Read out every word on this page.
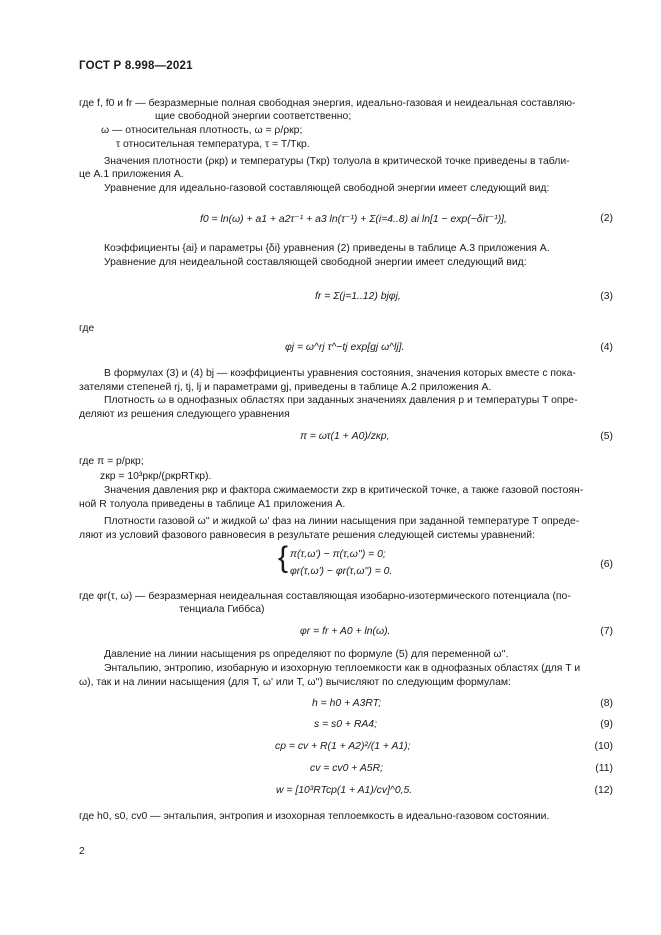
ГОСТ Р 8.998—2021
где f, f0 и fr — безразмерные полная свободная энергия, идеально-газовая и неидеальная составляю-
щие свободной энергии соответственно;
ω — относительная плотность, ω = ρ/ρкр;
τ относительная температура, τ = T/Tкр.
Значения плотности (ρкр) и температуры (Tкр) толуола в критической точке приведены в табли-
це А.1 приложения А.
Уравнение для идеально-газовой составляющей свободной энергии имеет следующий вид:
f0 = ln(ω) + a1 + a2τ⁻¹ + a3 ln(τ⁻¹) + Σ(i=4..8) ai ln[1 − exp(−δiτ⁻¹)],	(2)
Коэффициенты {ai} и параметры {δi} уравнения (2) приведены в таблице А.3 приложения А.
Уравнение для неидеальной составляющей свободной энергии имеет следующий вид:
fr = Σ(j=1..12) bjφj,	(3)
где
φj = ω^rj τ^−tj exp[gj ω^lj].	(4)
В формулах (3) и (4) bj — коэффициенты уравнения состояния, значения которых вместе с пока-
зателями степеней rj, tj, lj и параметрами gj, приведены в таблице А.2 приложения А.
Плотность ω в однофазных областях при заданных значениях давления p и температуры T опре-
деляют из решения следующего уравнения
π = ωτ(1 + A0)/zкр,	(5)
где π = p/pкр;
zкр = 10³pкр/(ρкрRTкр).
Значения давления pкр и фактора сжимаемости zкр в критической точке, а также газовой постоян-
ной R толуола приведены в таблице А1 приложения А.
Плотности газовой ω'' и жидкой ω' фаз на линии насыщения при заданной температуре T опреде-
ляют из условий фазового равновесия в результате решения следующей системы уравнений:
{ π(τ,ω') − π(τ,ω'') = 0;
φr(τ,ω') − φr(τ,ω'') = 0.
(6)
где φr(τ, ω) — безразмерная неидеальная составляющая изобарно-изотермического потенциала (по-
тенциала Гиббса)
φr = fr + A0 + ln(ω).	(7)
Давление на линии насыщения ps определяют по формуле (5) для переменной ω''.
Энтальпию, энтропию, изобарную и изохорную теплоемкости как в однофазных областях (для T и
ω), так и на линии насыщения (для T, ω' или T, ω'') вычисляют по следующим формулам:
h = h0 + A3RT;	(8)
s = s0 + RA4;	(9)
cp = cv + R(1 + A2)²/(1 + A1);	(10)
cv = cv0 + A5R;	(11)
w = [10³RTcp(1 + A1)/cv]^0,5.	(12)
где h0, s0, cv0 — энтальпия, энтропия и изохорная теплоемкость в идеально-газовом состоянии.
2
